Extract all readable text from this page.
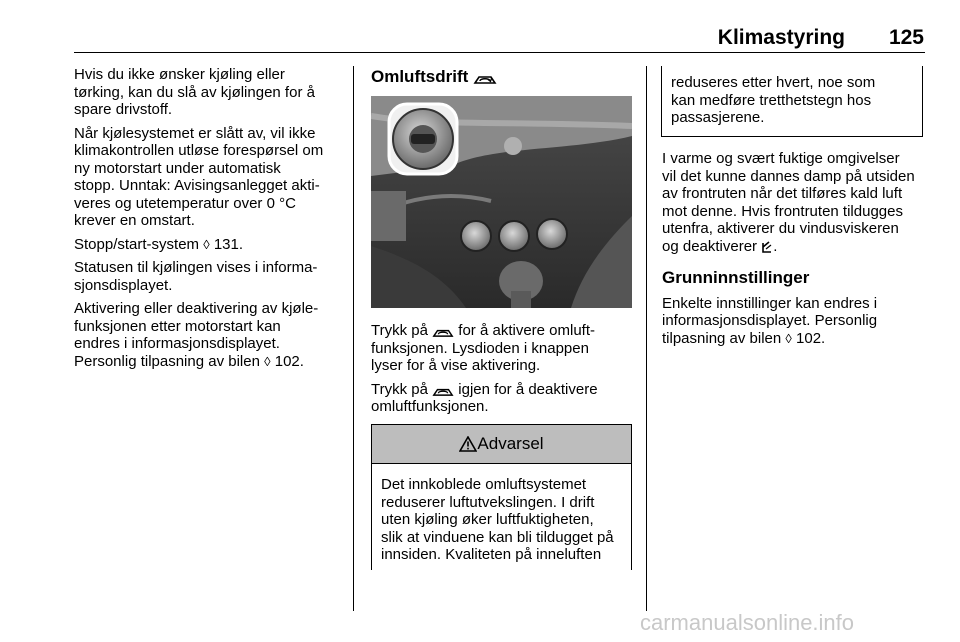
Klimastyring	125

Hvis du ikke ønsker kjøling eller
tørking, kan du slå av kjølingen for å
spare drivstoff.

Når kjølesystemet er slått av, vil ikke
klimakontrollen utløse forespørsel om
ny motorstart under automatisk
stopp. Unntak: Avisingsanlegget akti-
veres og utetemperatur over 0 °C
krever en omstart.

Stopp/start-system ◊ 131.

Statusen til kjølingen vises i informa-
sjonsdisplayet.

Aktivering eller deaktivering av kjøle-
funksjonen etter motorstart kan
endres i informasjonsdisplayet.
Personlig tilpasning av bilen ◊ 102.

Omluftsdrift

Trykk på for å aktivere omluft-
funksjonen. Lysdioden i knappen
lyser for å vise aktivering.

Trykk på igjen for å deaktivere
omluftfunksjonen.

Advarsel
Det innkoblede omluftsystemet
reduserer luftutvekslingen. I drift
uten kjøling øker luftfuktigheten,
slik at vinduene kan bli tildugget på
innsiden. Kvaliteten på inneluften
reduseres etter hvert, noe som
kan medføre tretthetstegn hos
passasjerene.

I varme og svært fuktige omgivelser
vil det kunne dannes damp på utsiden
av frontruten når det tilføres kald luft
mot denne. Hvis frontruten tildugges
utenfra, aktiverer du vindusviskeren
og deaktiverer .

Grunninnstillinger

Enkelte innstillinger kan endres i
informasjonsdisplayet. Personlig
tilpasning av bilen ◊ 102.

carmanualsonline.info
